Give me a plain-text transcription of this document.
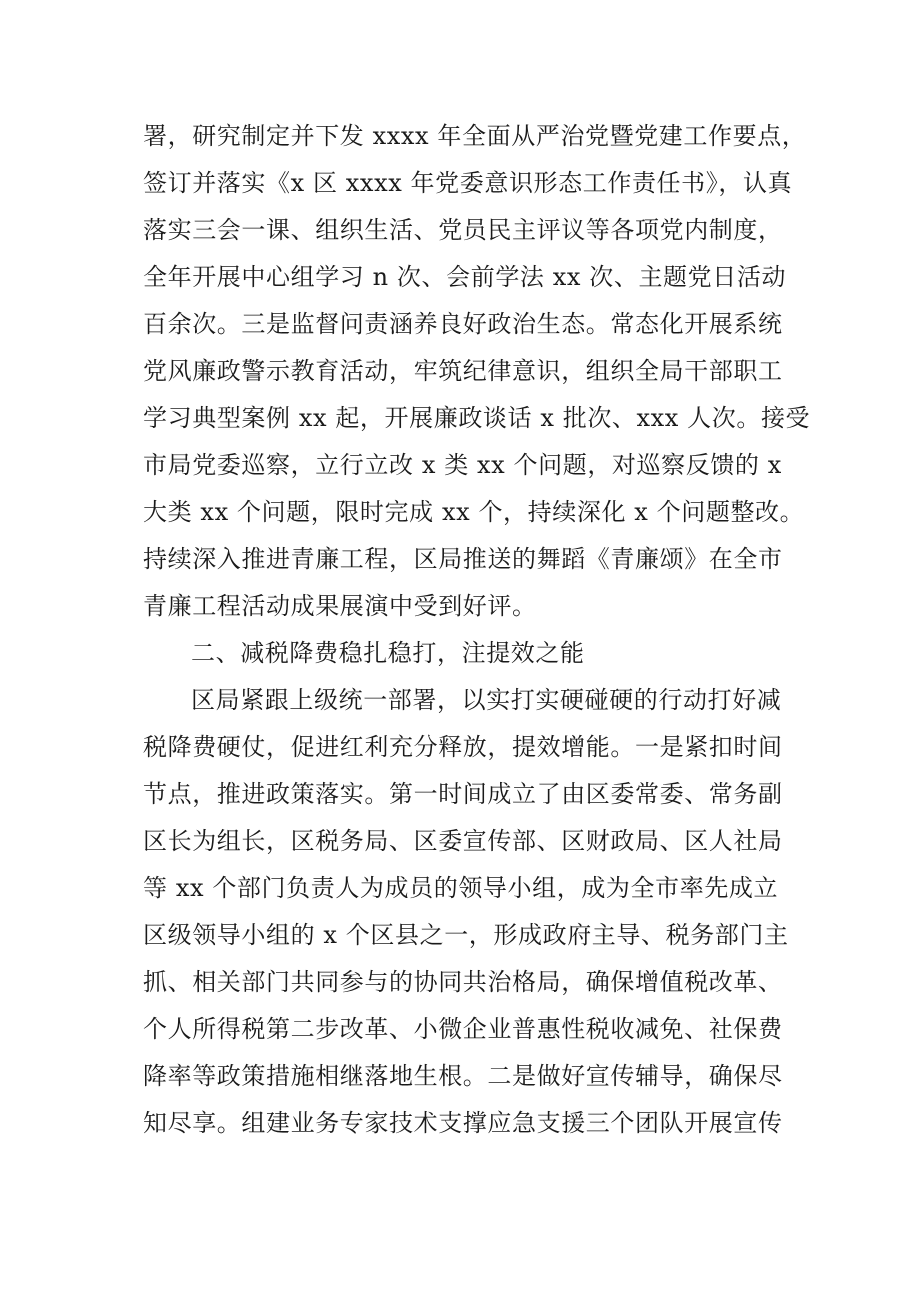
署，研究制定并下发 xxxx 年全面从严治党暨党建工作要点，
签订并落实《x 区 xxxx 年党委意识形态工作责任书》，认真
落实三会一课、组织生活、党员民主评议等各项党内制度，
全年开展中心组学习 n 次、会前学法 xx 次、主题党日活动
百余次。三是监督问责涵养良好政治生态。常态化开展系统
党风廉政警示教育活动，牢筑纪律意识，组织全局干部职工
学习典型案例 xx 起，开展廉政谈话 x 批次、xxx 人次。接受
市局党委巡察，立行立改 x 类 xx 个问题，对巡察反馈的 x
大类 xx 个问题，限时完成 xx 个，持续深化 x 个问题整改。
持续深入推进青廉工程，区局推送的舞蹈《青廉颂》在全市
青廉工程活动成果展演中受到好评。
二、减税降费稳扎稳打，注提效之能
区局紧跟上级统一部署，以实打实硬碰硬的行动打好减
税降费硬仗，促进红利充分释放，提效增能。一是紧扣时间
节点，推进政策落实。第一时间成立了由区委常委、常务副
区长为组长，区税务局、区委宣传部、区财政局、区人社局
等 xx 个部门负责人为成员的领导小组，成为全市率先成立
区级领导小组的 x 个区县之一，形成政府主导、税务部门主
抓、相关部门共同参与的协同共治格局，确保增值税改革、
个人所得税第二步改革、小微企业普惠性税收减免、社保费
降率等政策措施相继落地生根。二是做好宣传辅导，确保尽
知尽享。组建业务专家技术支撑应急支援三个团队开展宣传
